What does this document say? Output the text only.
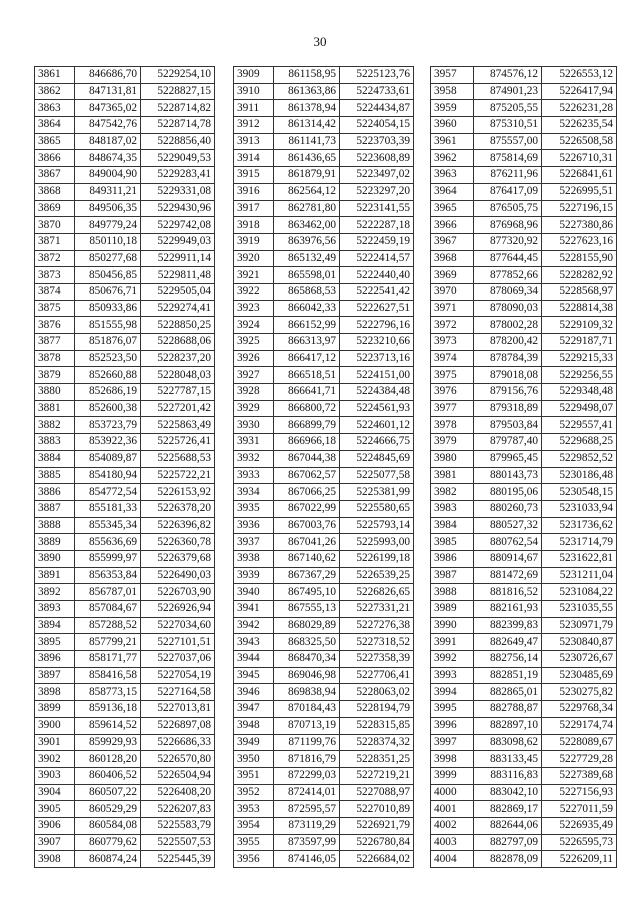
30
3861	846686,70	5229254,10
3862	847131,81	5228827,15
3863	847365,02	5228714,82
3864	847542,76	5228714,78
3865	848187,02	5228856,40
3866	848674,35	5229049,53
3867	849004,90	5229283,41
3868	849311,21	5229331,08
3869	849506,35	5229430,96
3870	849779,24	5229742,08
3871	850110,18	5229949,03
3872	850277,68	5229911,14
3873	850456,85	5229811,48
3874	850676,71	5229505,04
3875	850933,86	5229274,41
3876	851555,98	5228850,25
3877	851876,07	5228688,06
3878	852523,50	5228237,20
3879	852660,88	5228048,03
3880	852686,19	5227787,15
3881	852600,38	5227201,42
3882	853723,79	5225863,49
3883	853922,36	5225726,41
3884	854089,87	5225688,53
3885	854180,94	5225722,21
3886	854772,54	5226153,92
3887	855181,33	5226378,20
3888	855345,34	5226396,82
3889	855636,69	5226360,78
3890	855999,97	5226379,68
3891	856353,84	5226490,03
3892	856787,01	5226703,90
3893	857084,67	5226926,94
3894	857288,52	5227034,60
3895	857799,21	5227101,51
3896	858171,77	5227037,06
3897	858416,58	5227054,19
3898	858773,15	5227164,58
3899	859136,18	5227013,81
3900	859614,52	5226897,08
3901	859929,93	5226686,33
3902	860128,20	5226570,80
3903	860406,52	5226504,94
3904	860507,22	5226408,20
3905	860529,29	5226207,83
3906	860584,08	5225583,79
3907	860779,62	5225507,53
3908	860874,24	5225445,39
3909	861158,95	5225123,76
3910	861363,86	5224733,61
3911	861378,94	5224434,87
3912	861314,42	5224054,15
3913	861141,73	5223703,39
3914	861436,65	5223608,89
3915	861879,91	5223497,02
3916	862564,12	5223297,20
3917	862781,80	5223141,55
3918	863462,00	5222287,18
3919	863976,56	5222459,19
3920	865132,49	5222414,57
3921	865598,01	5222440,40
3922	865868,53	5222541,42
3923	866042,33	5222627,51
3924	866152,99	5222796,16
3925	866313,97	5223210,66
3926	866417,12	5223713,16
3927	866518,51	5224151,00
3928	866641,71	5224384,48
3929	866800,72	5224561,93
3930	866899,79	5224601,12
3931	866966,18	5224666,75
3932	867044,38	5224845,69
3933	867062,57	5225077,58
3934	867066,25	5225381,99
3935	867022,99	5225580,65
3936	867003,76	5225793,14
3937	867041,26	5225993,00
3938	867140,62	5226199,18
3939	867367,29	5226539,25
3940	867495,10	5226826,65
3941	867555,13	5227331,21
3942	868029,89	5227276,38
3943	868325,50	5227318,52
3944	868470,34	5227358,39
3945	869046,98	5227706,41
3946	869838,94	5228063,02
3947	870184,43	5228194,79
3948	870713,19	5228315,85
3949	871199,76	5228374,32
3950	871816,79	5228351,25
3951	872299,03	5227219,21
3952	872414,01	5227088,97
3953	872595,57	5227010,89
3954	873119,29	5226921,79
3955	873597,99	5226780,84
3956	874146,05	5226684,02
3957	874576,12	5226553,12
3958	874901,23	5226417,94
3959	875205,55	5226231,28
3960	875310,51	5226235,54
3961	875557,00	5226508,58
3962	875814,69	5226710,31
3963	876211,96	5226841,61
3964	876417,09	5226995,51
3965	876505,75	5227196,15
3966	876968,96	5227380,86
3967	877320,92	5227623,16
3968	877644,45	5228155,90
3969	877852,66	5228282,92
3970	878069,34	5228568,97
3971	878090,03	5228814,38
3972	878002,28	5229109,32
3973	878200,42	5229187,71
3974	878784,39	5229215,33
3975	879018,08	5229256,55
3976	879156,76	5229348,48
3977	879318,89	5229498,07
3978	879503,84	5229557,41
3979	879787,40	5229688,25
3980	879965,45	5229852,52
3981	880143,73	5230186,48
3982	880195,06	5230548,15
3983	880260,73	5231033,94
3984	880527,32	5231736,62
3985	880762,54	5231714,79
3986	880914,67	5231622,81
3987	881472,69	5231211,04
3988	881816,52	5231084,22
3989	882161,93	5231035,55
3990	882399,83	5230971,79
3991	882649,47	5230840,87
3992	882756,14	5230726,67
3993	882851,19	5230485,69
3994	882865,01	5230275,82
3995	882788,87	5229768,34
3996	882897,10	5229174,74
3997	883098,62	5228089,67
3998	883133,45	5227729,28
3999	883116,83	5227389,68
4000	883042,10	5227156,93
4001	882869,17	5227011,59
4002	882644,06	5226935,49
4003	882797,09	5226595,73
4004	882878,09	5226209,11
